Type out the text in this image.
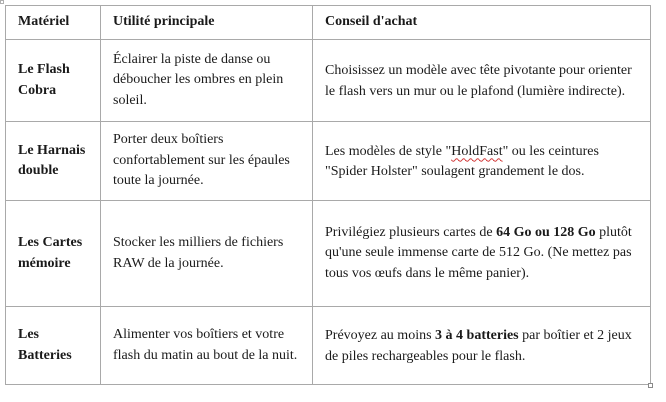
Matériel	Utilité principale	Conseil d'achat
Le Flash Cobra	Éclairer la piste de danse ou déboucher les ombres en plein soleil.	Choisissez un modèle avec tête pivotante pour orienter le flash vers un mur ou le plafond (lumière indirecte).
Le Harnais double	Porter deux boîtiers confortablement sur les épaules toute la journée.	Les modèles de style "HoldFast" ou les ceintures "Spider Holster" soulagent grandement le dos.
Les Cartes mémoire	Stocker les milliers de fichiers RAW de la journée.	Privilégiez plusieurs cartes de 64 Go ou 128 Go plutôt qu'une seule immense carte de 512 Go. (Ne mettez pas tous vos œufs dans le même panier).
Les Batteries	Alimenter vos boîtiers et votre flash du matin au bout de la nuit.	Prévoyez au moins 3 à 4 batteries par boîtier et 2 jeux de piles rechargeables pour le flash.
